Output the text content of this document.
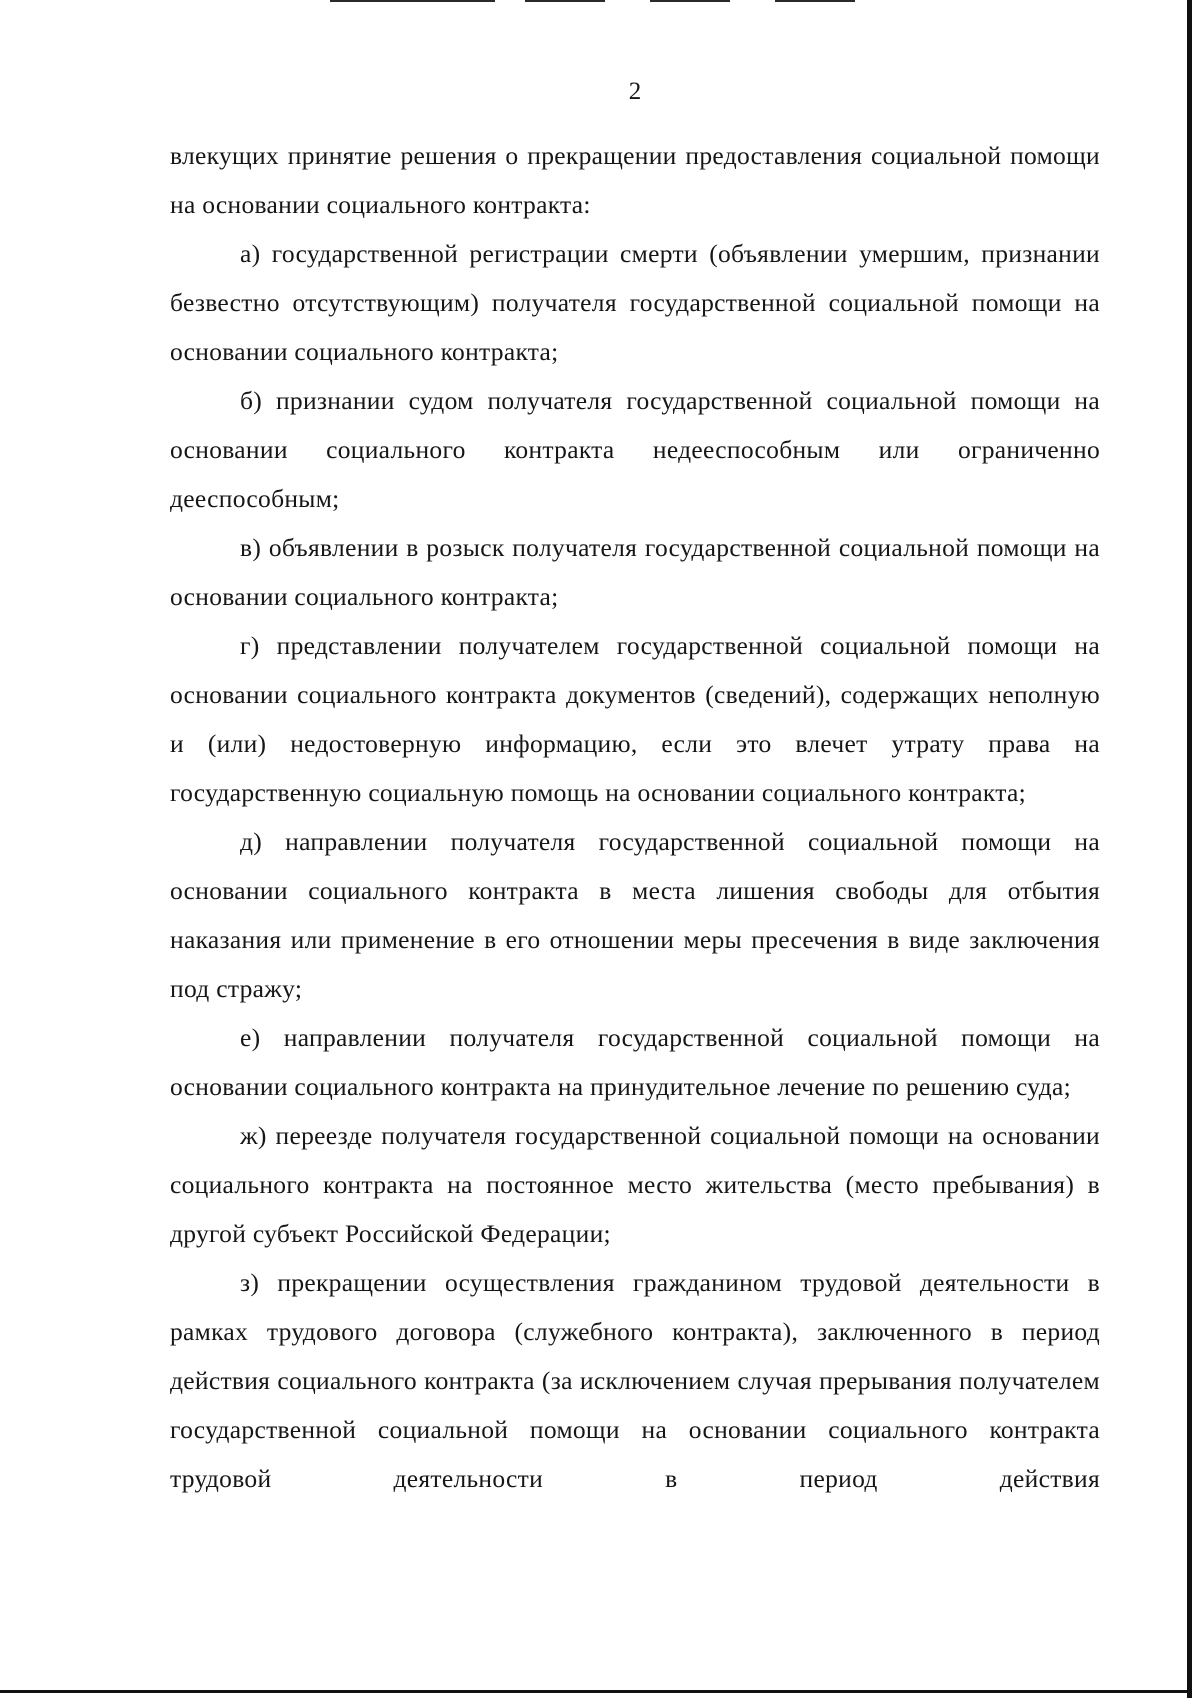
2

влекущих принятие решения о прекращении предоставления социальной помощи на основании социального контракта:

а) государственной регистрации смерти (объявлении умершим, признании безвестно отсутствующим) получателя государственной социальной помощи на основании социального контракта;

б) признании судом получателя государственной социальной помощи на основании социального контракта недееспособным или ограниченно дееспособным;

в) объявлении в розыск получателя государственной социальной помощи на основании социального контракта;

г) представлении получателем государственной социальной помощи на основании социального контракта документов (сведений), содержащих неполную и (или) недостоверную информацию, если это влечет утрату права на государственную социальную помощь на основании социального контракта;

д) направлении получателя государственной социальной помощи на основании социального контракта в места лишения свободы для отбытия наказания или применение в его отношении меры пресечения в виде заключения под стражу;

е) направлении получателя государственной социальной помощи на основании социального контракта на принудительное лечение по решению суда;

ж) переезде получателя государственной социальной помощи на основании социального контракта на постоянное место жительства (место пребывания) в другой субъект Российской Федерации;

з) прекращении осуществления гражданином трудовой деятельности в рамках трудового договора (служебного контракта), заключенного в период действия социального контракта (за исключением случая прерывания получателем государственной социальной помощи на основании социального контракта трудовой деятельности в период действия
